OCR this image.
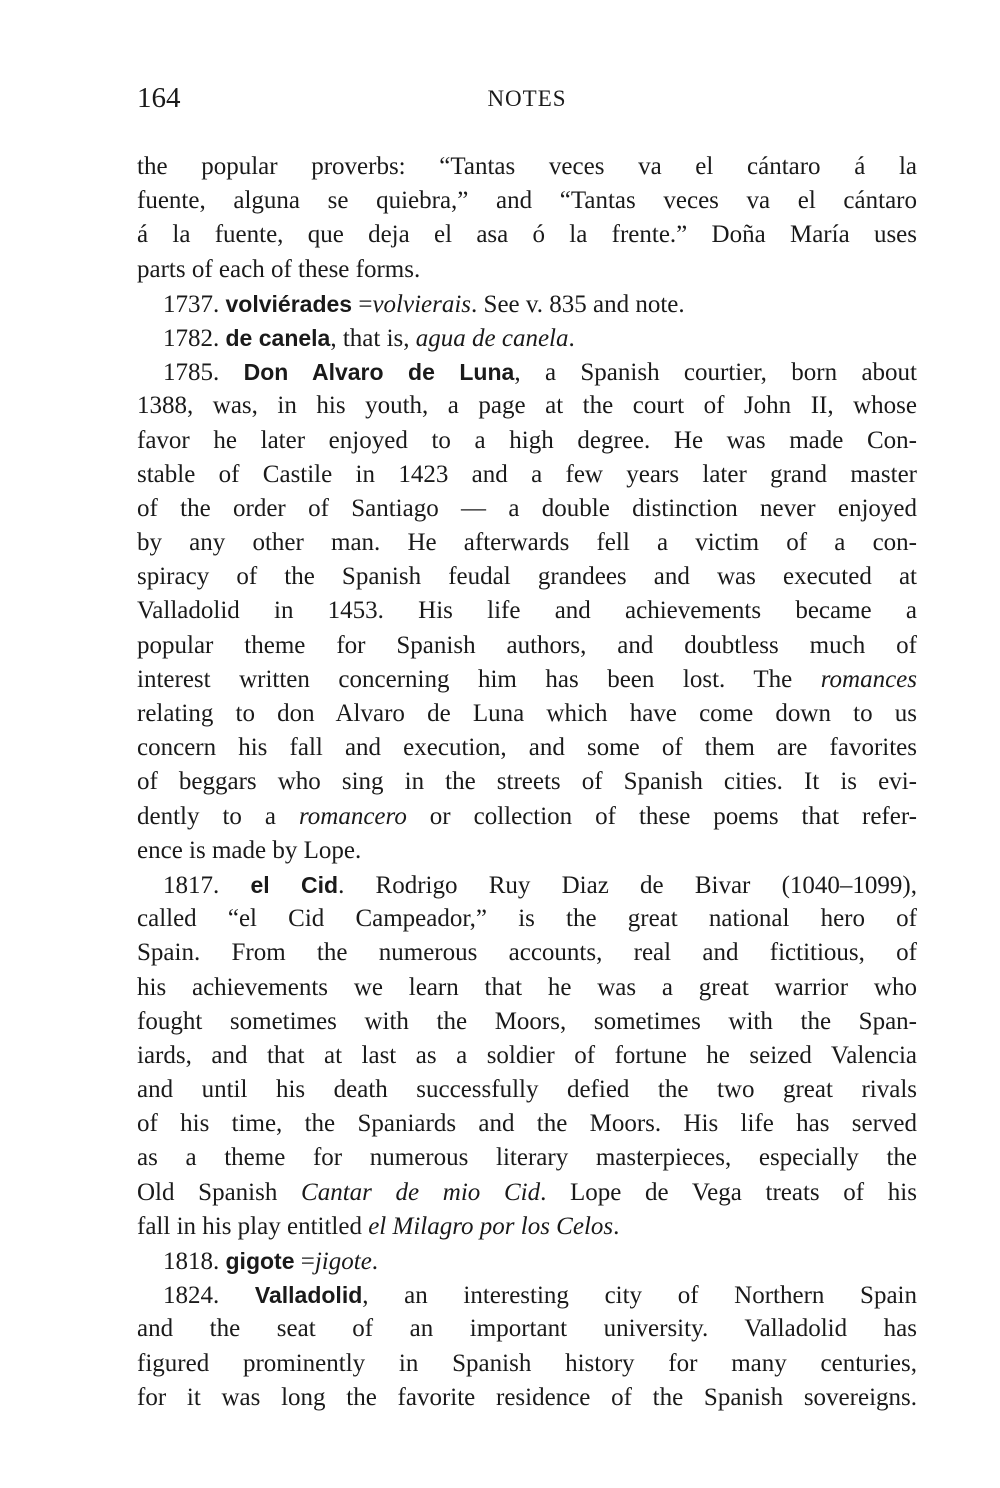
164	NOTES
the popular proverbs: “Tantas veces va el cántaro á la
fuente, alguna se quiebra,” and “Tantas veces va el cántaro
á la fuente, que deja el asa ó la frente.” Doña María uses
parts of each of these forms.
1737. volviérades =volvierais. See v. 835 and note.
1782. de canela, that is, agua de canela.
1785. Don Alvaro de Luna, a Spanish courtier, born about
1388, was, in his youth, a page at the court of John II, whose
favor he later enjoyed to a high degree. He was made Con-
stable of Castile in 1423 and a few years later grand master
of the order of Santiago — a double distinction never enjoyed
by any other man. He afterwards fell a victim of a con-
spiracy of the Spanish feudal grandees and was executed at
Valladolid in 1453. His life and achievements became a
popular theme for Spanish authors, and doubtless much of
interest written concerning him has been lost. The romances
relating to don Alvaro de Luna which have come down to us
concern his fall and execution, and some of them are favorites
of beggars who sing in the streets of Spanish cities. It is evi-
dently to a romancero or collection of these poems that refer-
ence is made by Lope.
1817. el Cid. Rodrigo Ruy Diaz de Bivar (1040–1099),
called “el Cid Campeador,” is the great national hero of
Spain. From the numerous accounts, real and fictitious, of
his achievements we learn that he was a great warrior who
fought sometimes with the Moors, sometimes with the Span-
iards, and that at last as a soldier of fortune he seized Valencia
and until his death successfully defied the two great rivals
of his time, the Spaniards and the Moors. His life has served
as a theme for numerous literary masterpieces, especially the
Old Spanish Cantar de mio Cid. Lope de Vega treats of his
fall in his play entitled el Milagro por los Celos.
1818. gigote =jigote.
1824. Valladolid, an interesting city of Northern Spain
and the seat of an important university. Valladolid has
figured prominently in Spanish history for many centuries,
for it was long the favorite residence of the Spanish sovereigns.
